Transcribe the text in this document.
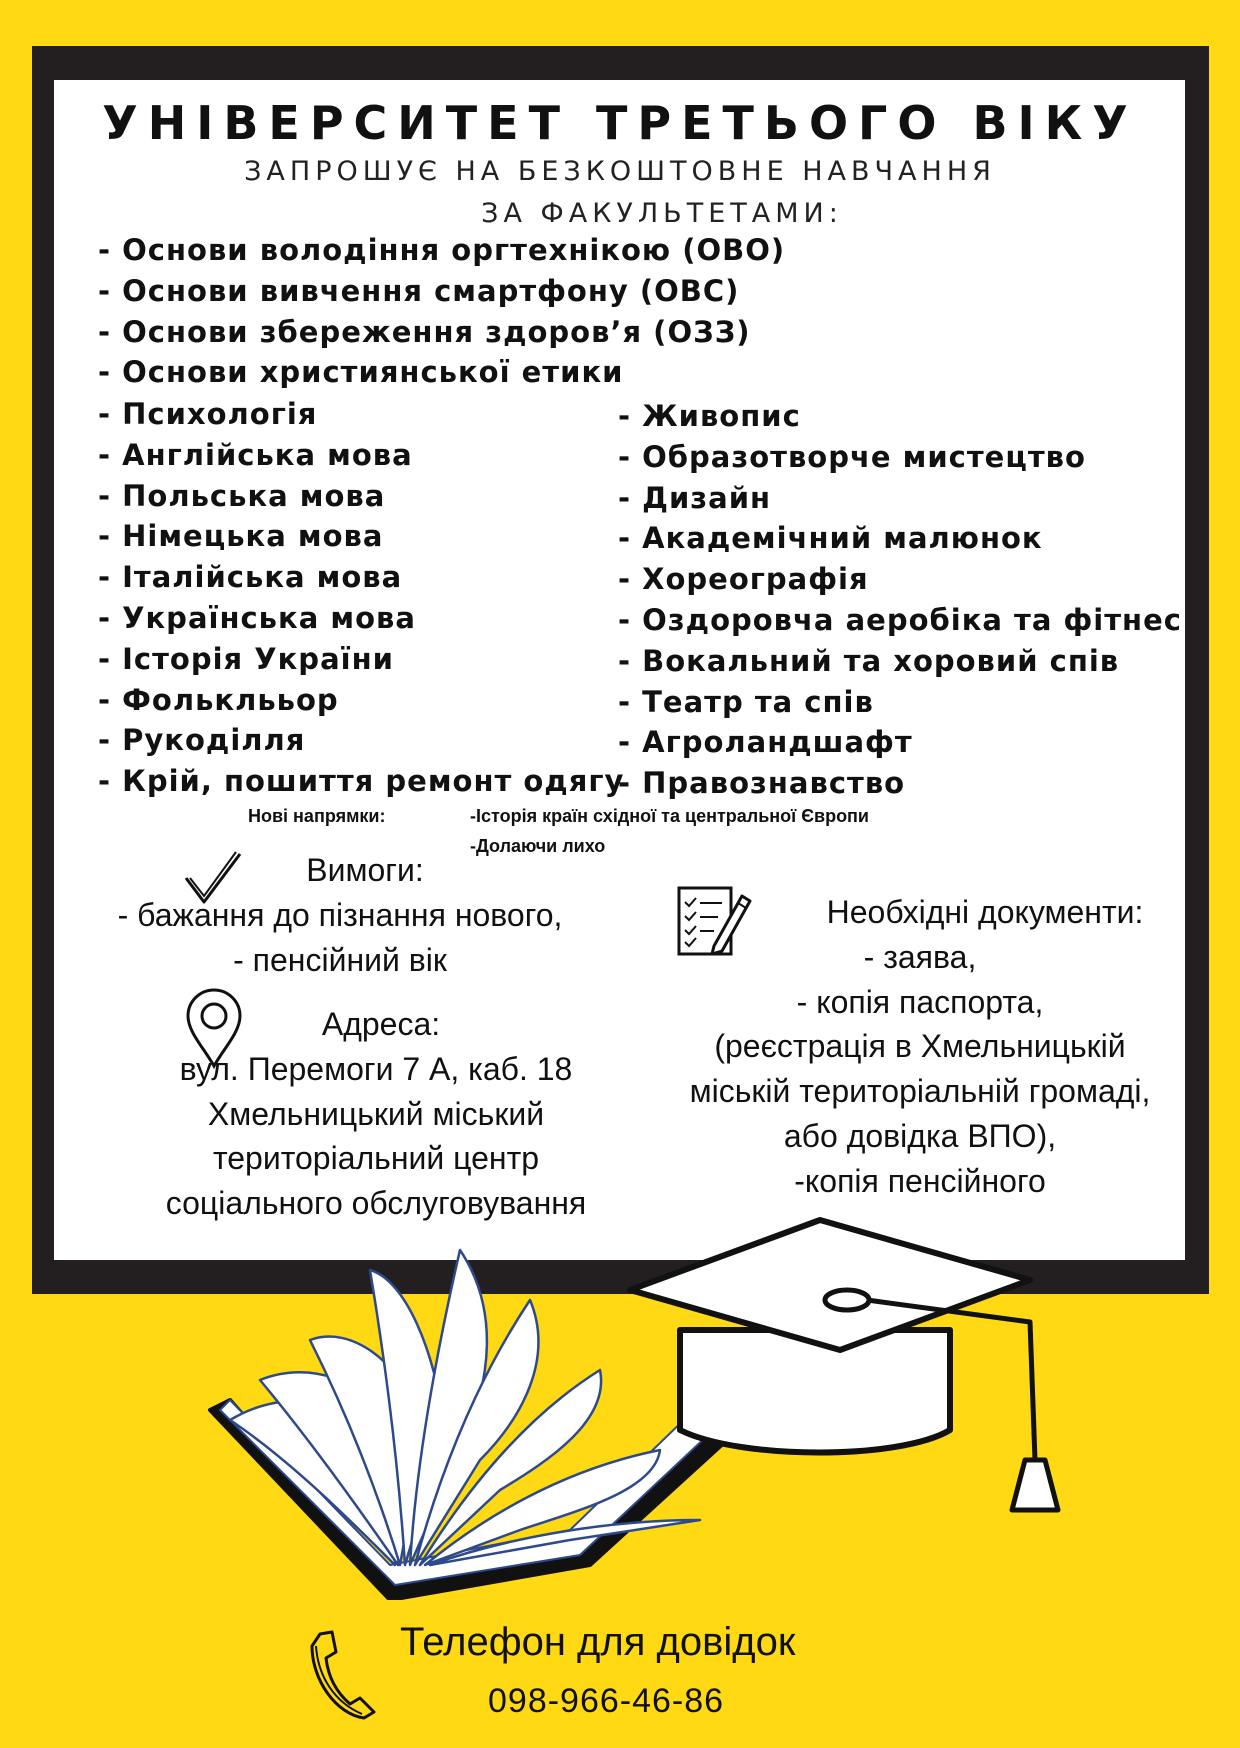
УНІВЕРСИТЕТ ТРЕТЬОГО ВІКУ
ЗАПРОШУЄ НА БЕЗКОШТОВНЕ НАВЧАННЯ
ЗА ФАКУЛЬТЕТАМИ:
- Основи володіння оргтехнікою (ОВО)
- Основи вивчення смартфону (ОВС)
- Основи збереження здоров’я (ОЗЗ)
- Основи християнської етики
- Психологія
- Англійська мова
- Польська мова
- Німецька мова
- Італійська мова
- Українська мова
- Історія України
- Фольклььор
- Рукоділля
- Крій, пошиття ремонт одягу
- Живопис
- Образотворче мистецтво
- Дизайн
- Академічний малюнок
- Хореографія
- Оздоровча аеробіка та фітнес
- Вокальний та хоровий спів
- Театр та спів
- Агроландшафт
- Правознавство
Нові напрямки:	-Історія країн східної та центральної Європи
-Долаючи лихо
Вимоги:
- бажання до пізнання нового,
- пенсійний вік
Адреса:
вул. Перемоги 7 А, каб. 18
Хмельницький міський
територіальний центр
соціального обслуговування
Необхідні документи:
- заява,
- копія паспорта,
(реєстрація в Хмельницькій
міській територіальній громаді,
або довідка ВПО),
-копія пенсійного
Телефон для довідок
098-966-46-86
